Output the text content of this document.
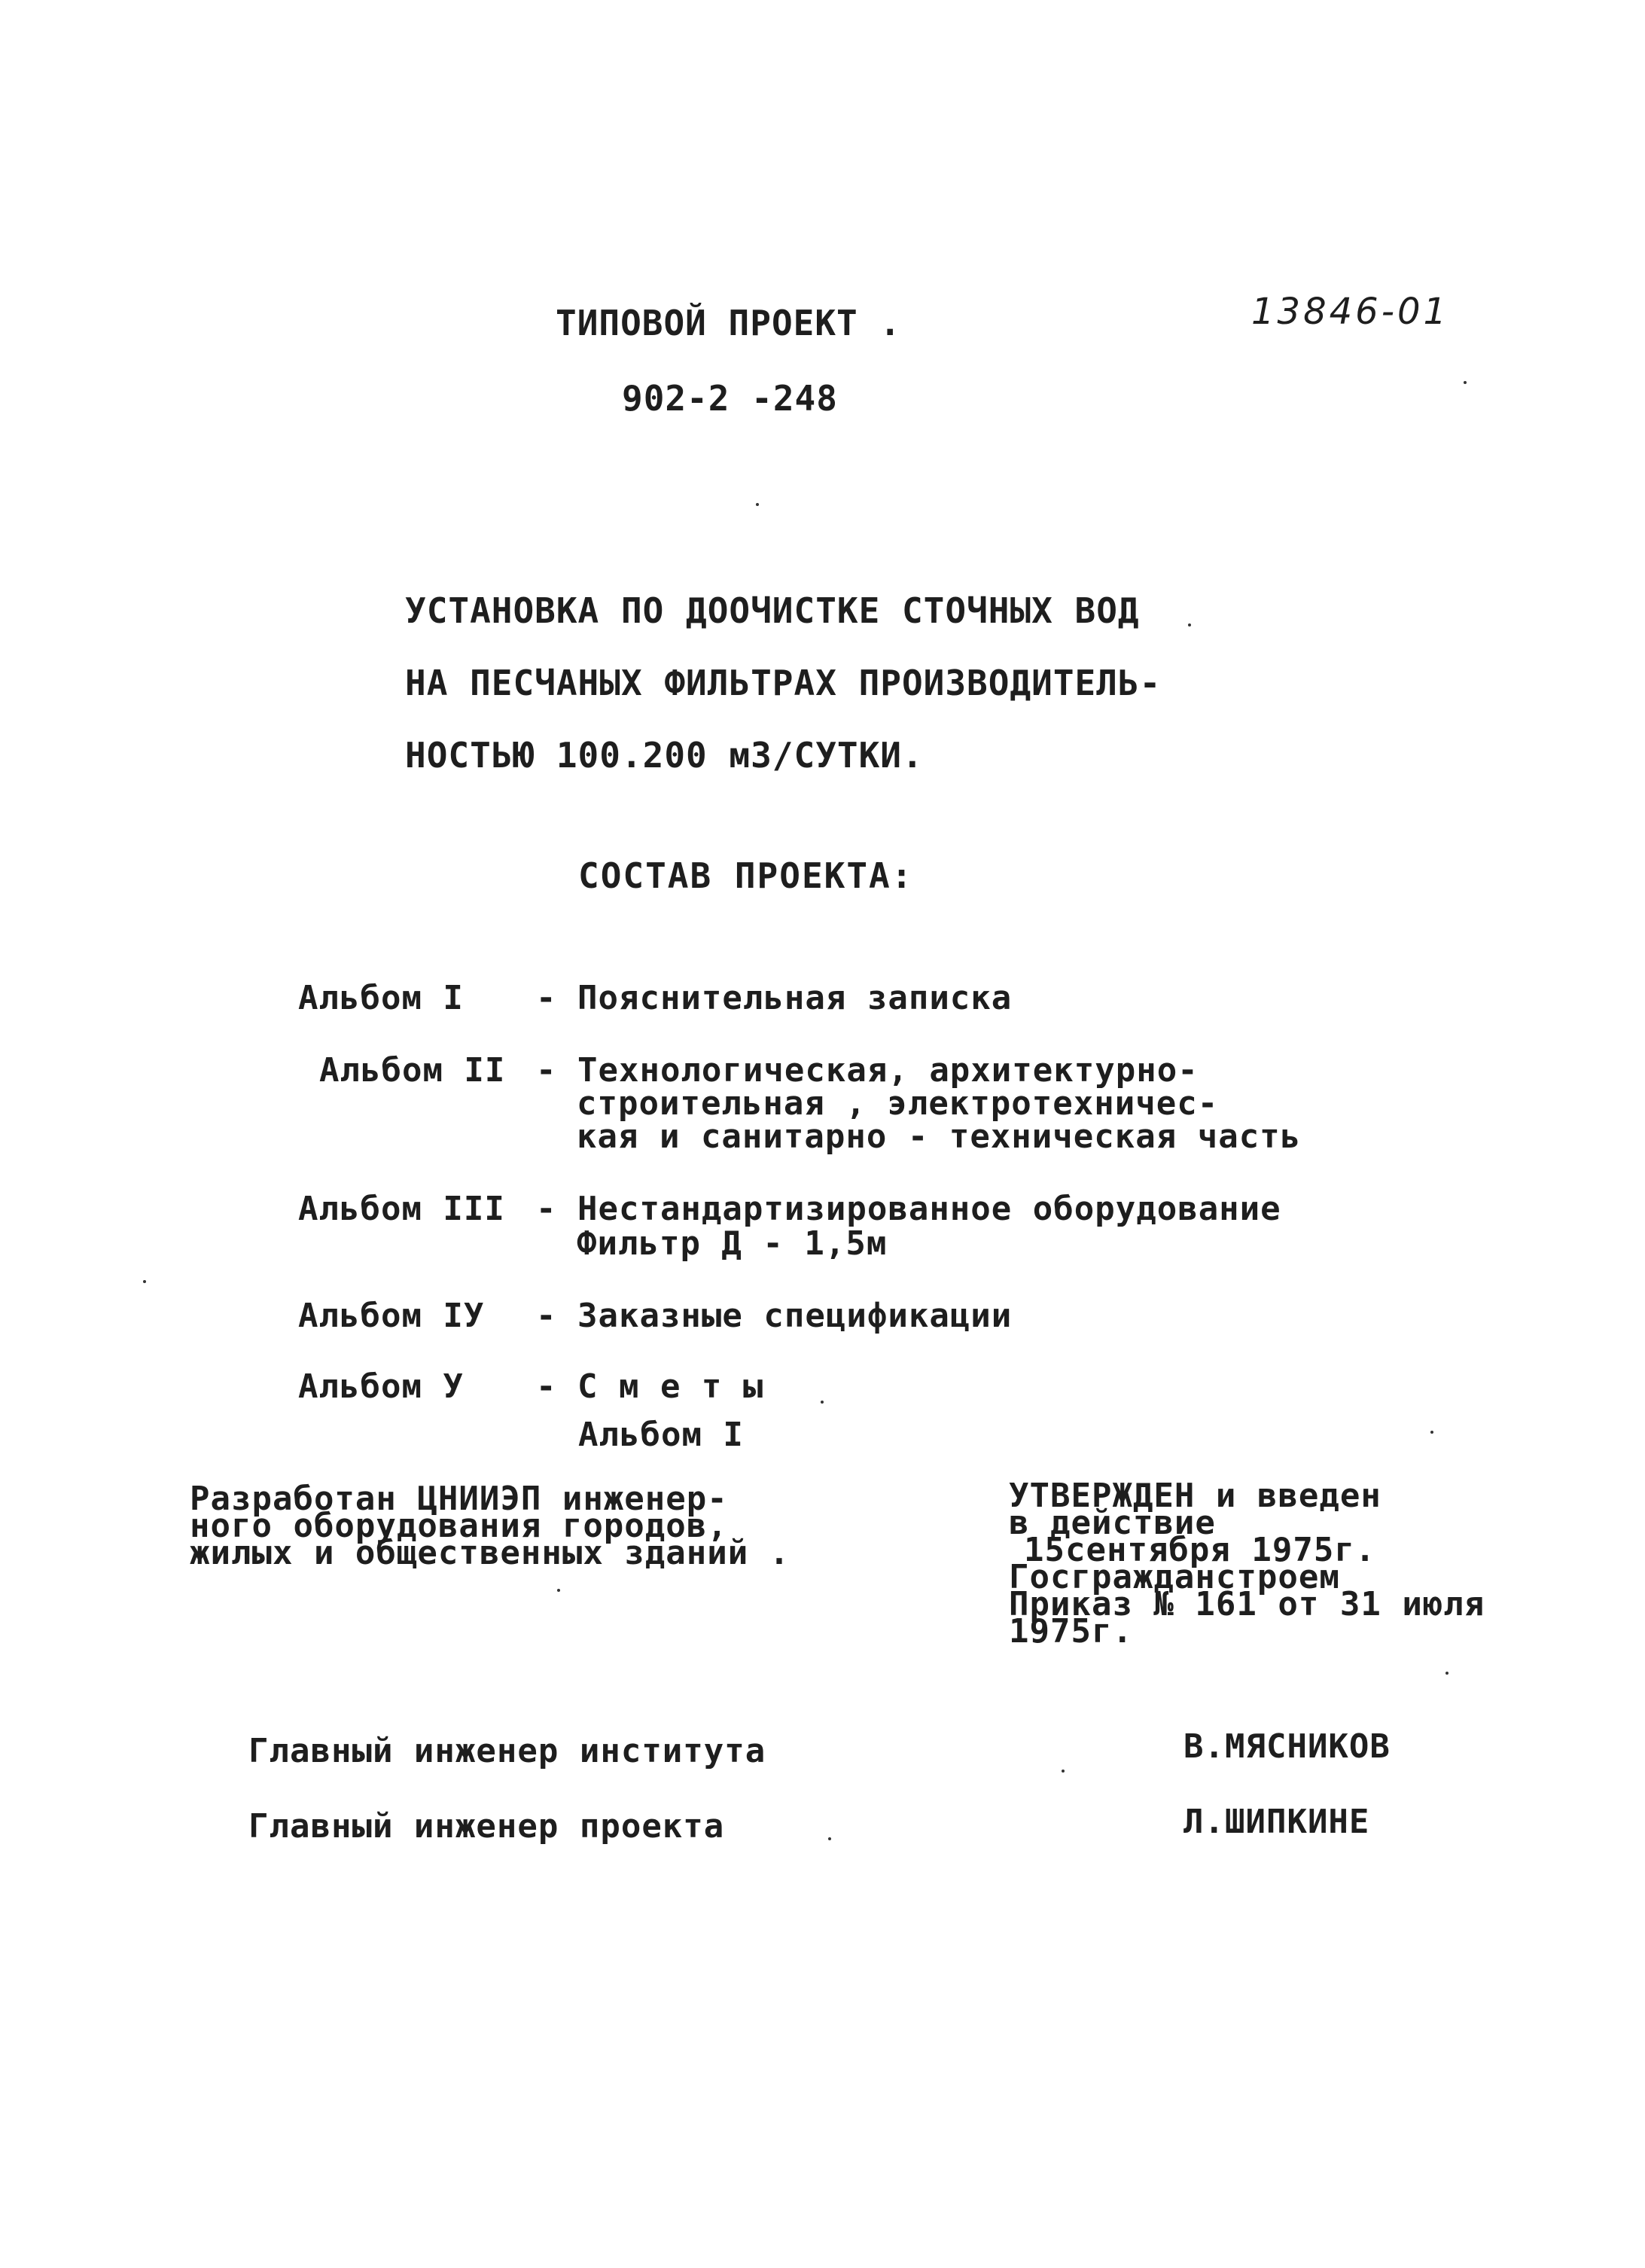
ТИПОВОЙ ПРОЕКТ .	13846-01
902-2 -248
УСТАНОВКА ПО ДООЧИСТКЕ СТОЧНЫХ ВОД
НА ПЕСЧАНЫХ ФИЛЬТРАХ ПРОИЗВОДИТЕЛЬ-
НОСТЬЮ 100.200 м3/СУТКИ.
СОСТАВ ПРОЕКТА:
Альбом I - Пояснительная записка
Альбом II - Технологическая, архитектурно-
строительная , электротехничес-
кая и санитарно - техническая часть
Альбом III - Нестандартизированное оборудование
Фильтр Д - 1,5м
Альбом IУ - Заказные спецификации
Альбом У - С м е т ы
Альбом I
Разработан ЦНИИЭП инженер-
ного оборудования городов,
жилых и общественных зданий .
УТВЕРЖДЕН и введен
в действие
15сентября 1975г.
Госгражданстроем
Приказ № 161 от 31 июля
1975г.
Главный инженер института	В.МЯСНИКОВ
Главный инженер проекта	Л.ШИПКИНЕ
